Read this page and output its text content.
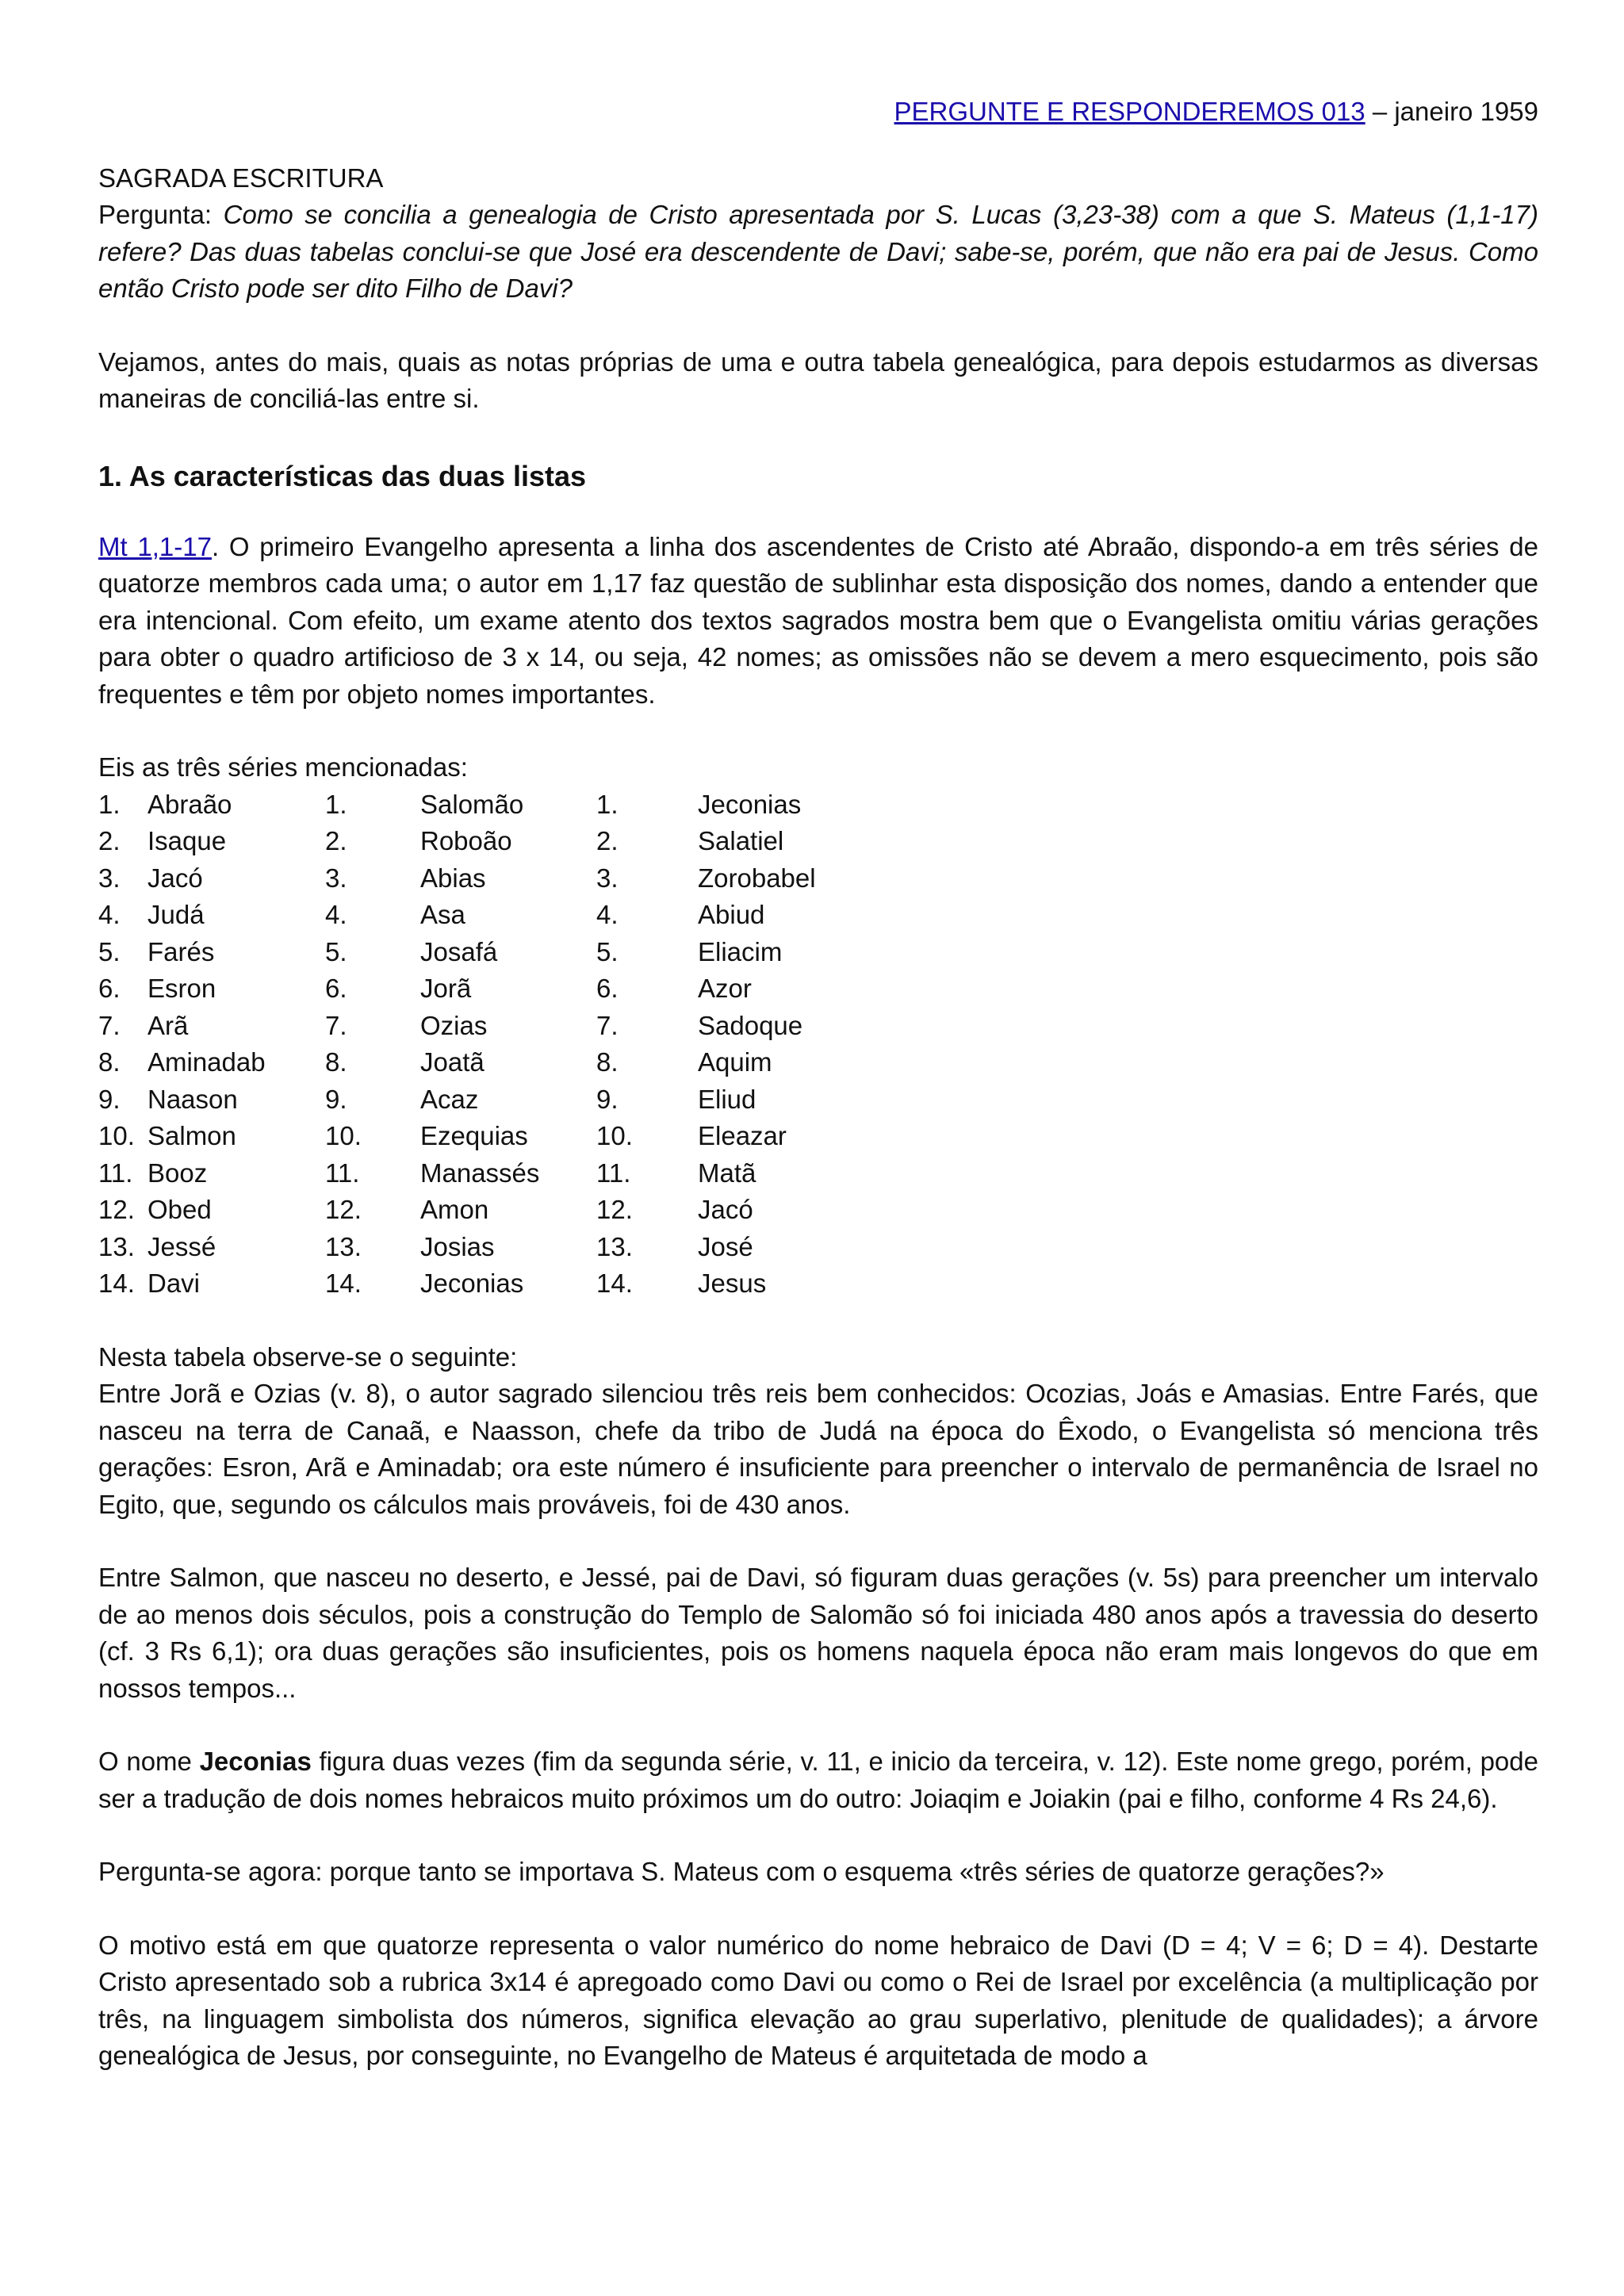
PERGUNTE E RESPONDEREMOS 013 – janeiro 1959

SAGRADA ESCRITURA

Pergunta: Como se concilia a genealogia de Cristo apresentada por S. Lucas (3,23-38) com a que S. Mateus (1,1-17) refere? Das duas tabelas conclui-se que José era descendente de Davi; sabe-se, porém, que não era pai de Jesus. Como então Cristo pode ser dito Filho de Davi?

Vejamos, antes do mais, quais as notas próprias de uma e outra tabela genealógica, para depois estudarmos as diversas maneiras de conciliá-las entre si.

1. As características das duas listas

Mt 1,1-17. O primeiro Evangelho apresenta a linha dos ascendentes de Cristo até Abraão, dispondo-a em três séries de quatorze membros cada uma; o autor em 1,17 faz questão de sublinhar esta disposição dos nomes, dando a entender que era intencional. Com efeito, um exame atento dos textos sagrados mostra bem que o Evangelista omitiu várias gerações para obter o quadro artificioso de 3 x 14, ou seja, 42 nomes; as omissões não se devem a mero esquecimento, pois são frequentes e têm por objeto nomes importantes.

Eis as três séries mencionadas:

1.
2.
3.
4.
5.
6.
7.
8.
9.
10.
11.
12.
13.
14.
Abraão
Isaque
Jacó
Judá
Farés
Esron
Arã
Aminadab
Naason
Salmon
Booz
Obed
Jessé
Davi
1.
2.
3.
4.
5.
6.
7.
8.
9.
10.
11.
12.
13.
14.
Salomão
Roboão
Abias
Asa
Josafá
Jorã
Ozias
Joatã
Acaz
Ezequias
Manassés
Amon
Josias
Jeconias
1.
2.
3.
4.
5.
6.
7.
8.
9.
10.
11.
12.
13.
14.
Jeconias
Salatiel
Zorobabel
Abiud
Eliacim
Azor
Sadoque
Aquim
Eliud
Eleazar
Matã
Jacó
José
Jesus

Nesta tabela observe-se o seguinte:

Entre Jorã e Ozias (v. 8), o autor sagrado silenciou três reis bem conhecidos: Ocozias, Joás e Amasias. Entre Farés, que nasceu na terra de Canaã, e Naasson, chefe da tribo de Judá na época do Êxodo, o Evangelista só menciona três gerações: Esron, Arã e Aminadab; ora este número é insuficiente para preencher o intervalo de permanência de Israel no Egito, que, segundo os cálculos mais prováveis, foi de 430 anos.

Entre Salmon, que nasceu no deserto, e Jessé, pai de Davi, só figuram duas gerações (v. 5s) para preencher um intervalo de ao menos dois séculos, pois a construção do Templo de Salomão só foi iniciada 480 anos após a travessia do deserto (cf. 3 Rs 6,1); ora duas gerações são insuficientes, pois os homens naquela época não eram mais longevos do que em nossos tempos...

O nome Jeconias figura duas vezes (fim da segunda série, v. 11, e inicio da terceira, v. 12). Este nome grego, porém, pode ser a tradução de dois nomes hebraicos muito próximos um do outro: Joiaqim e Joiakin (pai e filho, conforme 4 Rs 24,6).

Pergunta-se agora: porque tanto se importava S. Mateus com o esquema «três séries de quatorze gerações?»

O motivo está em que quatorze representa o valor numérico do nome hebraico de Davi (D = 4; V = 6; D = 4). Destarte Cristo apresentado sob a rubrica 3x14 é apregoado como Davi ou como o Rei de Israel por excelência (a multiplicação por três, na linguagem simbolista dos números, significa elevação ao grau superlativo, plenitude de qualidades); a árvore genealógica de Jesus, por conseguinte, no Evangelho de Mateus é arquitetada de modo a
